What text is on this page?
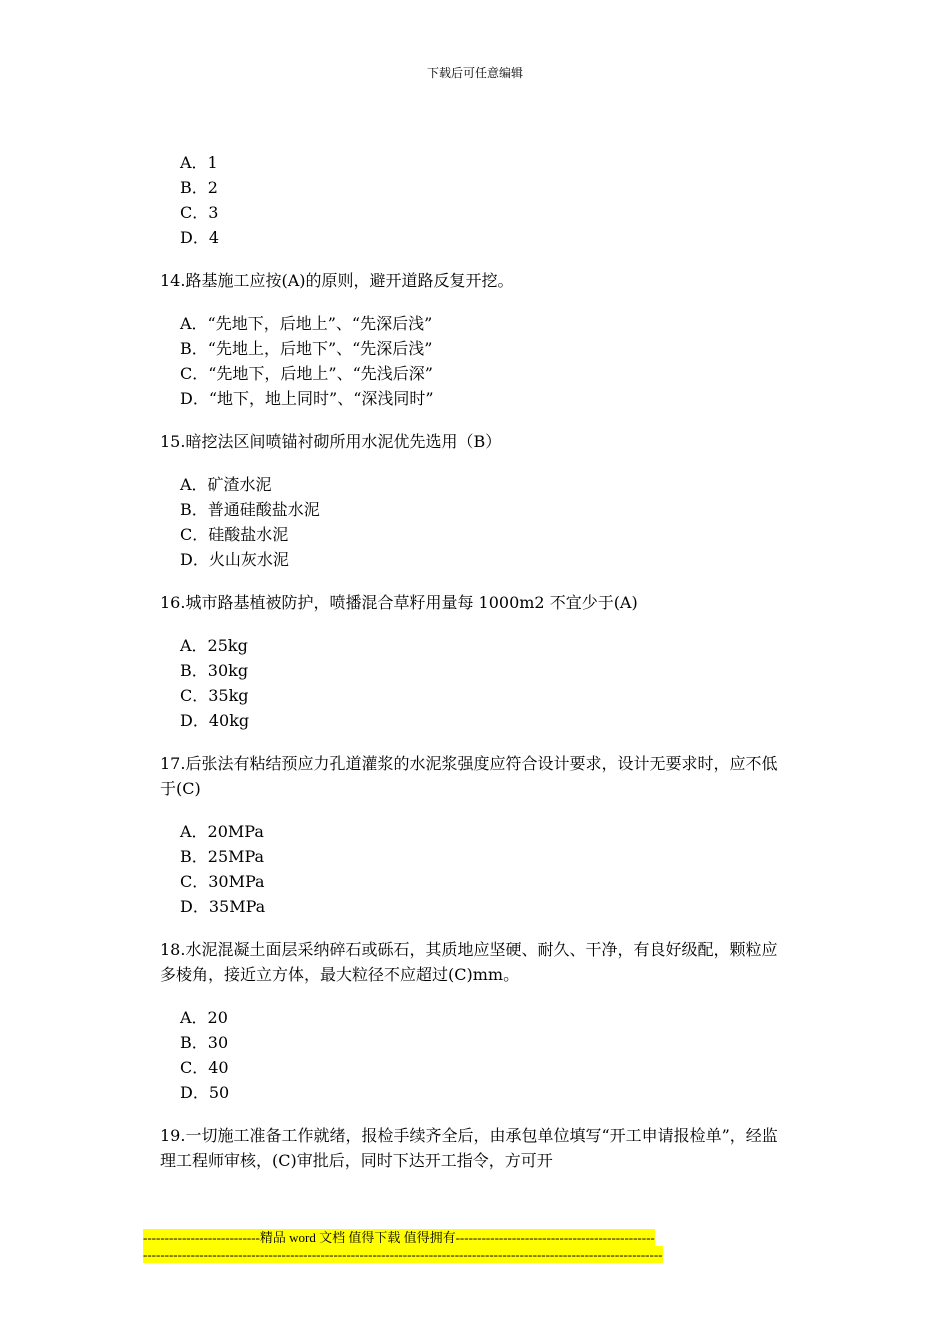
下载后可任意编辑
A．1
B．2
C．3
D．4

14.路基施工应按(A)的原则，避开道路反复开挖。

A．“先地下，后地上”、“先深后浅”
B．“先地上，后地下”、“先深后浅”
C．“先地下，后地上”、“先浅后深”
D．“地下，地上同时”、“深浅同时”

15.暗挖法区间喷锚衬砌所用水泥优先选用（B）

A．矿渣水泥
B．普通硅酸盐水泥
C．硅酸盐水泥
D．火山灰水泥

16.城市路基植被防护，喷播混合草籽用量每 1000m2 不宜少于(A)

A．25kg
B．30kg
C．35kg
D．40kg

17.后张法有粘结预应力孔道灌浆的水泥浆强度应符合设计要求，设计无要求时，应不低于(C)

A．20MPa
B．25MPa
C．30MPa
D．35MPa

18.水泥混凝土面层采纳碎石或砾石，其质地应坚硬、耐久、干净，有良好级配，颗粒应多棱角，接近立方体，最大粒径不应超过(C)mm。

A．20
B．30
C．40
D．50

19.一切施工准备工作就绪，报检手续齐全后，由承包单位填写“开工申请报检单”，经监理工程师审核，(C)审批后，同时下达开工指令，方可开

---------------------------精品 word 文档 值得下载 值得拥有----------------------------------------------
------------------------------------------------------------------------------------------------------------------------
